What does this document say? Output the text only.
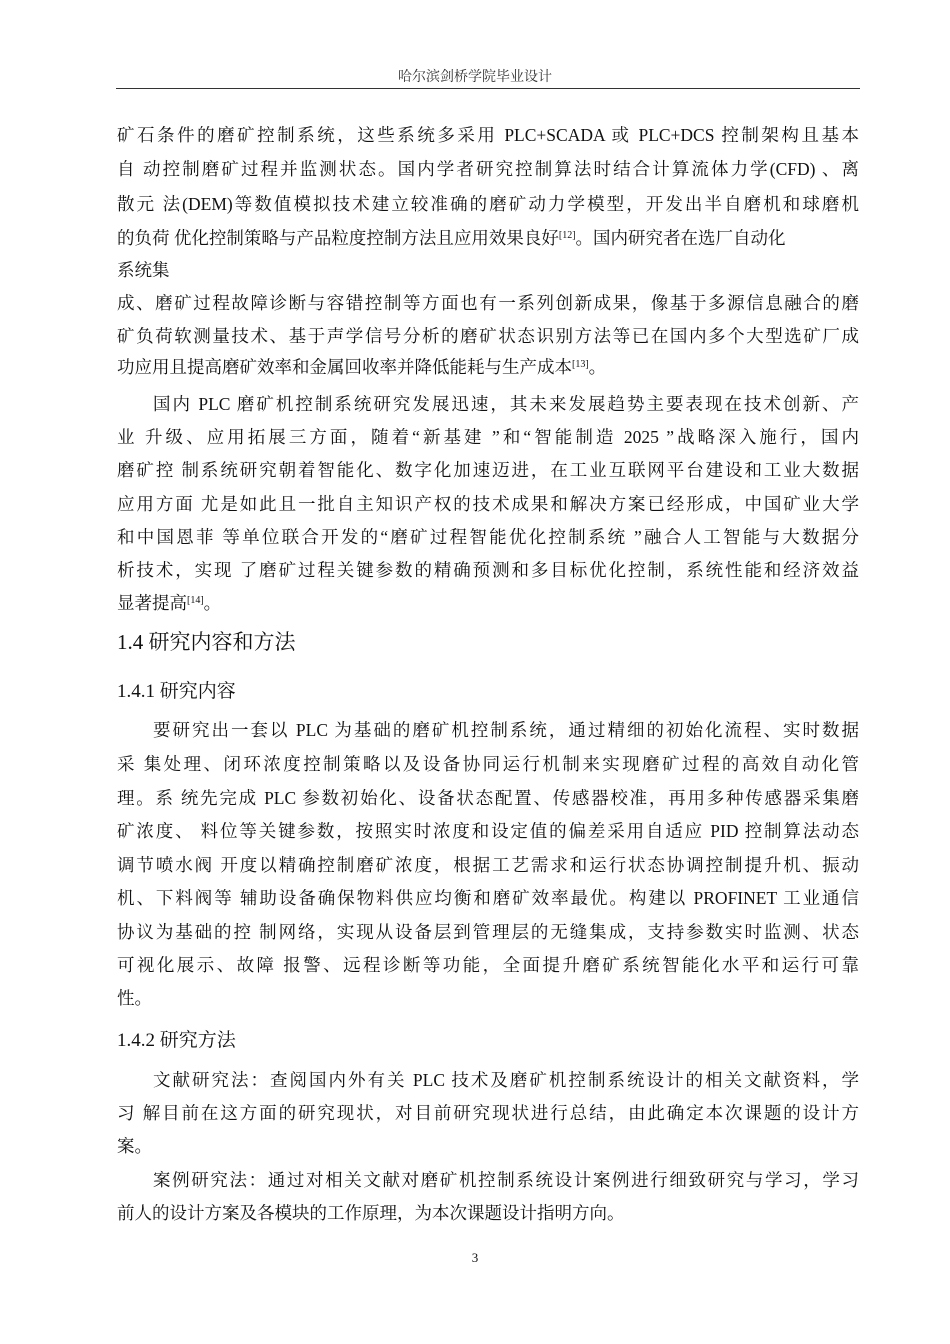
哈尔滨剑桥学院毕业设计
矿石条件的磨矿控制系统，这些系统多采用 PLC+SCADA 或 PLC+DCS 控制架构且基本
自 动控制磨矿过程并监测状态。国内学者研究控制算法时结合计算流体力学(CFD) 、离
散元 法(DEM)等数值模拟技术建立较准确的磨矿动力学模型，开发出半自磨机和球磨机
的负荷 优化控制策略与产品粒度控制方法且应用效果良好[12]。国内研究者在选厂自动化
系统集
成、磨矿过程故障诊断与容错控制等方面也有一系列创新成果，像基于多源信息融合的磨
矿负荷软测量技术、基于声学信号分析的磨矿状态识别方法等已在国内多个大型选矿厂成
功应用且提高磨矿效率和金属回收率并降低能耗与生产成本[13]。
国内 PLC 磨矿机控制系统研究发展迅速，其未来发展趋势主要表现在技术创新、产
业 升级、应用拓展三方面，随着“新基建 ”和“智能制造 2025 ”战略深入施行，国内
磨矿控 制系统研究朝着智能化、数字化加速迈进，在工业互联网平台建设和工业大数据
应用方面 尤是如此且一批自主知识产权的技术成果和解决方案已经形成，中国矿业大学
和中国恩菲 等单位联合开发的“磨矿过程智能优化控制系统 ”融合人工智能与大数据分
析技术，实现 了磨矿过程关键参数的精确预测和多目标优化控制，系统性能和经济效益
显著提高[14]。
1.4 研究内容和方法
1.4.1 研究内容
要研究出一套以 PLC 为基础的磨矿机控制系统，通过精细的初始化流程、实时数据
采 集处理、闭环浓度控制策略以及设备协同运行机制来实现磨矿过程的高效自动化管
理。系 统先完成 PLC 参数初始化、设备状态配置、传感器校准，再用多种传感器采集磨
矿浓度、 料位等关键参数，按照实时浓度和设定值的偏差采用自适应 PID 控制算法动态
调节喷水阀 开度以精确控制磨矿浓度，根据工艺需求和运行状态协调控制提升机、振动
机、下料阀等 辅助设备确保物料供应均衡和磨矿效率最优。构建以 PROFINET 工业通信
协议为基础的控 制网络，实现从设备层到管理层的无缝集成，支持参数实时监测、状态
可视化展示、故障 报警、远程诊断等功能，全面提升磨矿系统智能化水平和运行可靠
性。
1.4.2 研究方法
文献研究法：查阅国内外有关 PLC 技术及磨矿机控制系统设计的相关文献资料，学
习 解目前在这方面的研究现状，对目前研究现状进行总结，由此确定本次课题的设计方
案。
案例研究法：通过对相关文献对磨矿机控制系统设计案例进行细致研究与学习，学习
前人的设计方案及各模块的工作原理，为本次课题设计指明方向。
3
